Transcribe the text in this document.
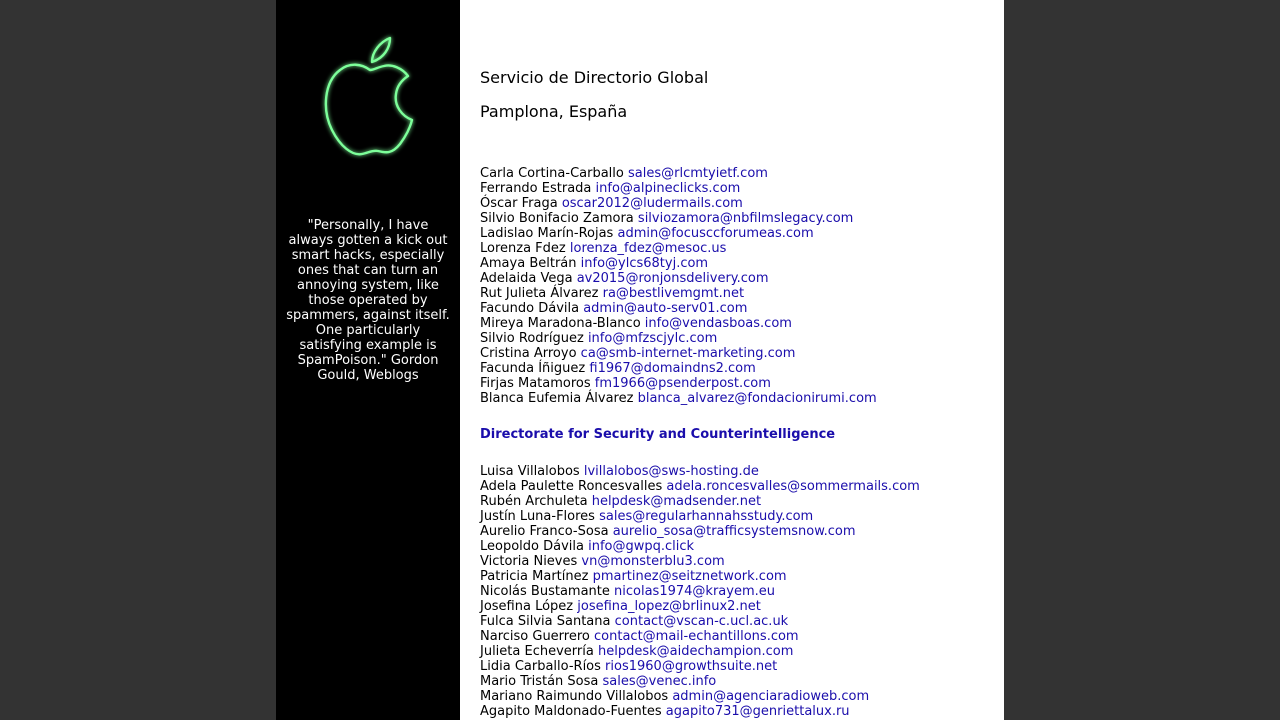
"Personally, I have always gotten a kick out smart hacks, especially ones that can turn an annoying system, like those operated by spammers, against itself. One particularly satisfying example is SpamPoison." Gordon Gould, Weblogs
Servicio de Directorio Global

Pamplona, España

Carla Cortina-Carballo sales@rlcmtyietf.com
Ferrando Estrada info@alpineclicks.com
Óscar Fraga oscar2012@ludermails.com
Silvio Bonifacio Zamora silviozamora@nbfilmslegacy.com
Ladislao Marín-Rojas admin@focusccforumeas.com
Lorenza Fdez lorenza_fdez@mesoc.us
Amaya Beltrán info@ylcs68tyj.com
Adelaida Vega av2015@ronjonsdelivery.com
Rut Julieta Álvarez ra@bestlivemgmt.net
Facundo Dávila admin@auto-serv01.com
Mireya Maradona-Blanco info@vendasboas.com
Silvio Rodríguez info@mfzscjylc.com
Cristina Arroyo ca@smb-internet-marketing.com
Facunda Íñiguez fi1967@domaindns2.com
Firjas Matamoros fm1966@psenderpost.com
Blanca Eufemia Álvarez blanca_alvarez@fondacionirumi.com
Directorate for Security and Counterintelligence
Luisa Villalobos lvillalobos@sws-hosting.de
Adela Paulette Roncesvalles adela.roncesvalles@sommermails.com
Rubén Archuleta helpdesk@madsender.net
Justín Luna-Flores sales@regularhannahsstudy.com
Aurelio Franco-Sosa aurelio_sosa@trafficsystemsnow.com
Leopoldo Dávila info@gwpq.click
Victoria Nieves vn@monsterblu3.com
Patricia Martínez pmartinez@seitznetwork.com
Nicolás Bustamante nicolas1974@krayem.eu
Josefina López josefina_lopez@brlinux2.net
Fulca Silvia Santana contact@vscan-c.ucl.ac.uk
Narciso Guerrero contact@mail-echantillons.com
Julieta Echeverría helpdesk@aidechampion.com
Lidia Carballo-Ríos rios1960@growthsuite.net
Mario Tristán Sosa sales@venec.info
Mariano Raimundo Villalobos admin@agenciaradioweb.com
Agapito Maldonado-Fuentes agapito731@genriettalux.ru
